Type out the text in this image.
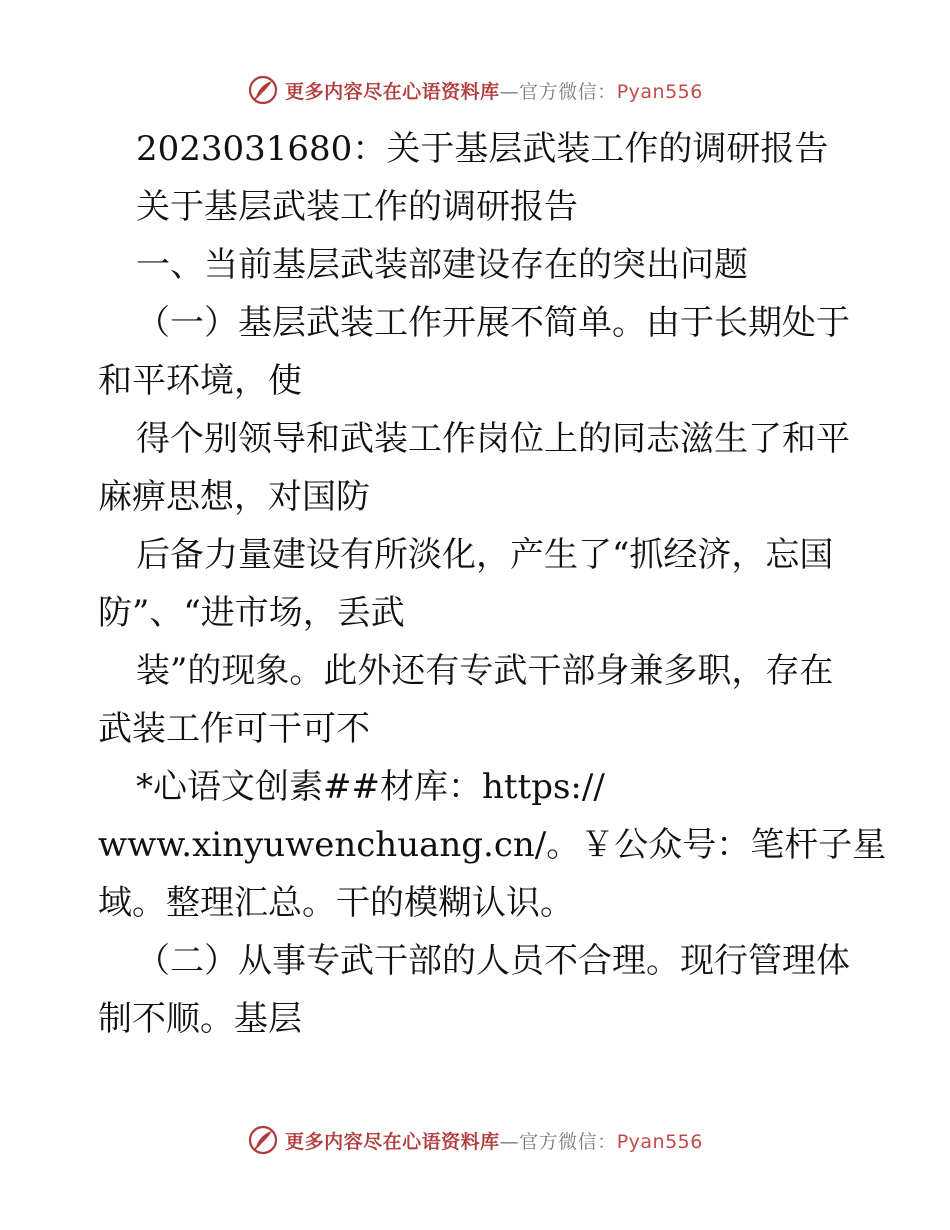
更多内容尽在心语资料库—官方微信：Pyan556
2023031680：关于基层武装工作的调研报告
关于基层武装工作的调研报告
一、当前基层武装部建设存在的突出问题
（一）基层武装工作开展不简单。由于长期处于
和平环境，使
得个别领导和武装工作岗位上的同志滋生了和平
麻痹思想，对国防
后备力量建设有所淡化，产生了“抓经济，忘国
防”、“进市场，丢武
装”的现象。此外还有专武干部身兼多职，存在
武装工作可干可不
*心语文创素##材库：https://
www.xinyuwenchuang.cn/。￥公众号：笔杆子星
域。整理汇总。干的模糊认识。
（二）从事专武干部的人员不合理。现行管理体
制不顺。基层
更多内容尽在心语资料库—官方微信：Pyan556
